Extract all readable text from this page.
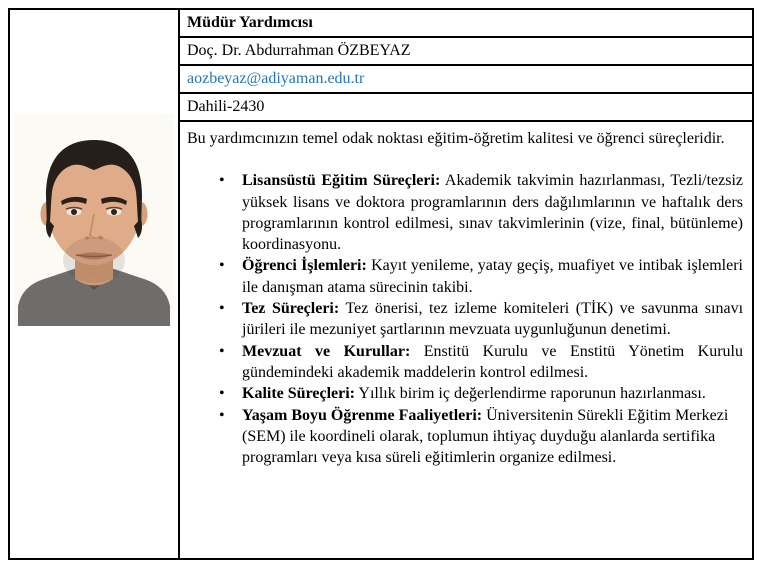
Müdür Yardımcısı
Doç. Dr. Abdurrahman ÖZBEYAZ
aozbeyaz@adiyaman.edu.tr
Dahili-2430

Bu yardımcınızın temel odak noktası eğitim-öğretim kalitesi ve öğrenci süreçleridir.

• Lisansüstü Eğitim Süreçleri: Akademik takvimin hazırlanması, Tezli/tezsiz yüksek lisans ve doktora programlarının ders dağılımlarının ve haftalık ders programlarının kontrol edilmesi, sınav takvimlerinin (vize, final, bütünleme) koordinasyonu.
• Öğrenci İşlemleri: Kayıt yenileme, yatay geçiş, muafiyet ve intibak işlemleri ile danışman atama sürecinin takibi.
• Tez Süreçleri: Tez önerisi, tez izleme komiteleri (TİK) ve savunma sınavı jürileri ile mezuniyet şartlarının mevzuata uygunluğunun denetimi.
• Mevzuat ve Kurullar: Enstitü Kurulu ve Enstitü Yönetim Kurulu gündemindeki akademik maddelerin kontrol edilmesi.
• Kalite Süreçleri: Yıllık birim iç değerlendirme raporunun hazırlanması.
• Yaşam Boyu Öğrenme Faaliyetleri: Üniversitenin Sürekli Eğitim Merkezi (SEM) ile koordineli olarak, toplumun ihtiyaç duyduğu alanlarda sertifika programları veya kısa süreli eğitimlerin organize edilmesi.
